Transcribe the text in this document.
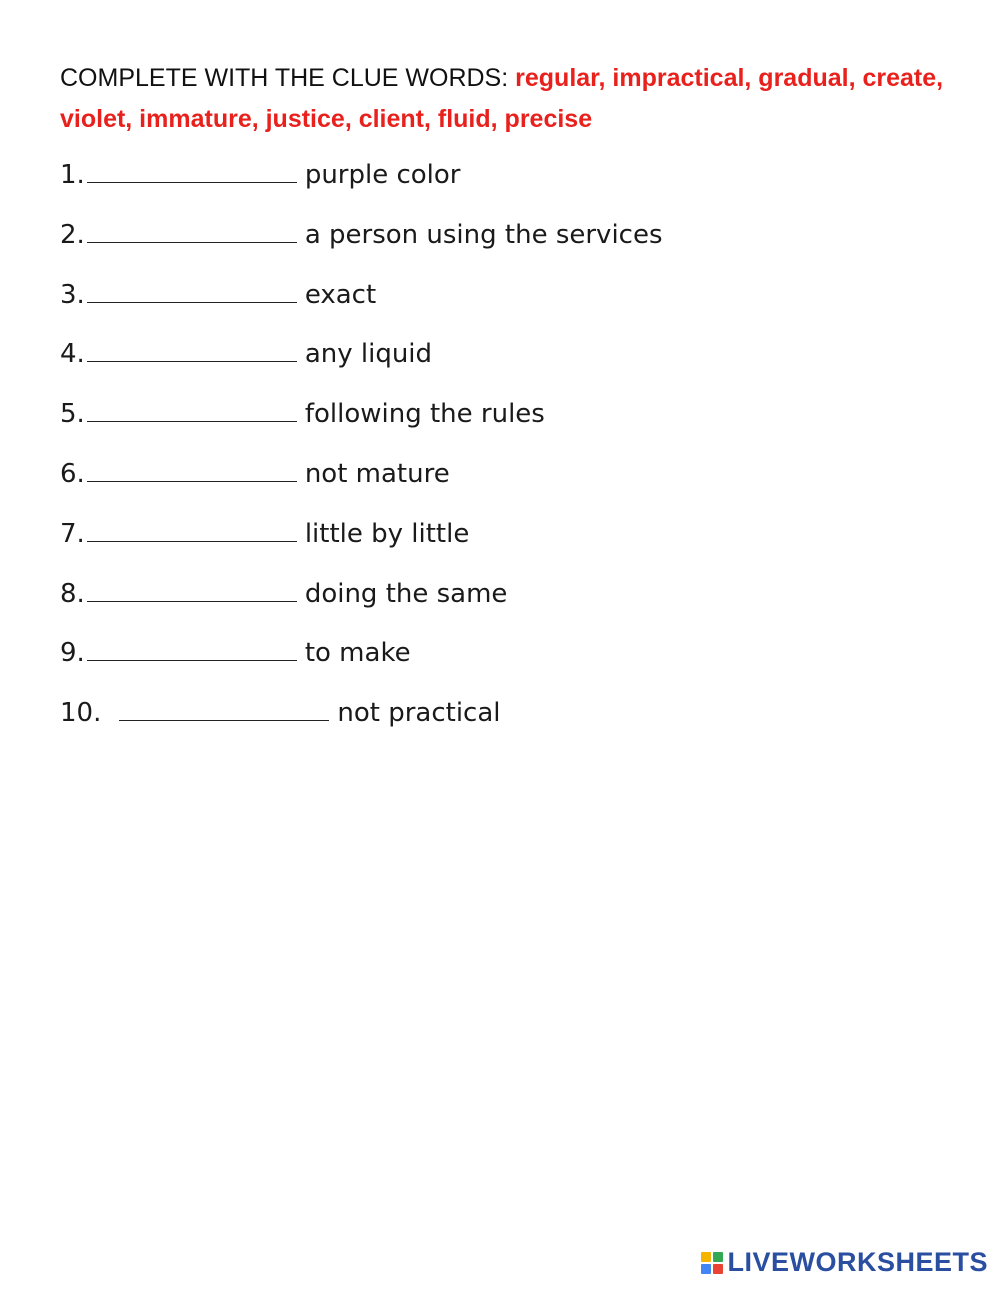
COMPLETE WITH THE CLUE WORDS: regular, impractical, gradual, create, violet, immature, justice, client, fluid, precise
1.	purple color
2.	a person using the services
3.	exact
4.	any liquid
5.	following the rules
6.	not mature
7.	little by little
8.	doing the same
9.	to make
10.	not practical
LIVEWORKSHEETS
